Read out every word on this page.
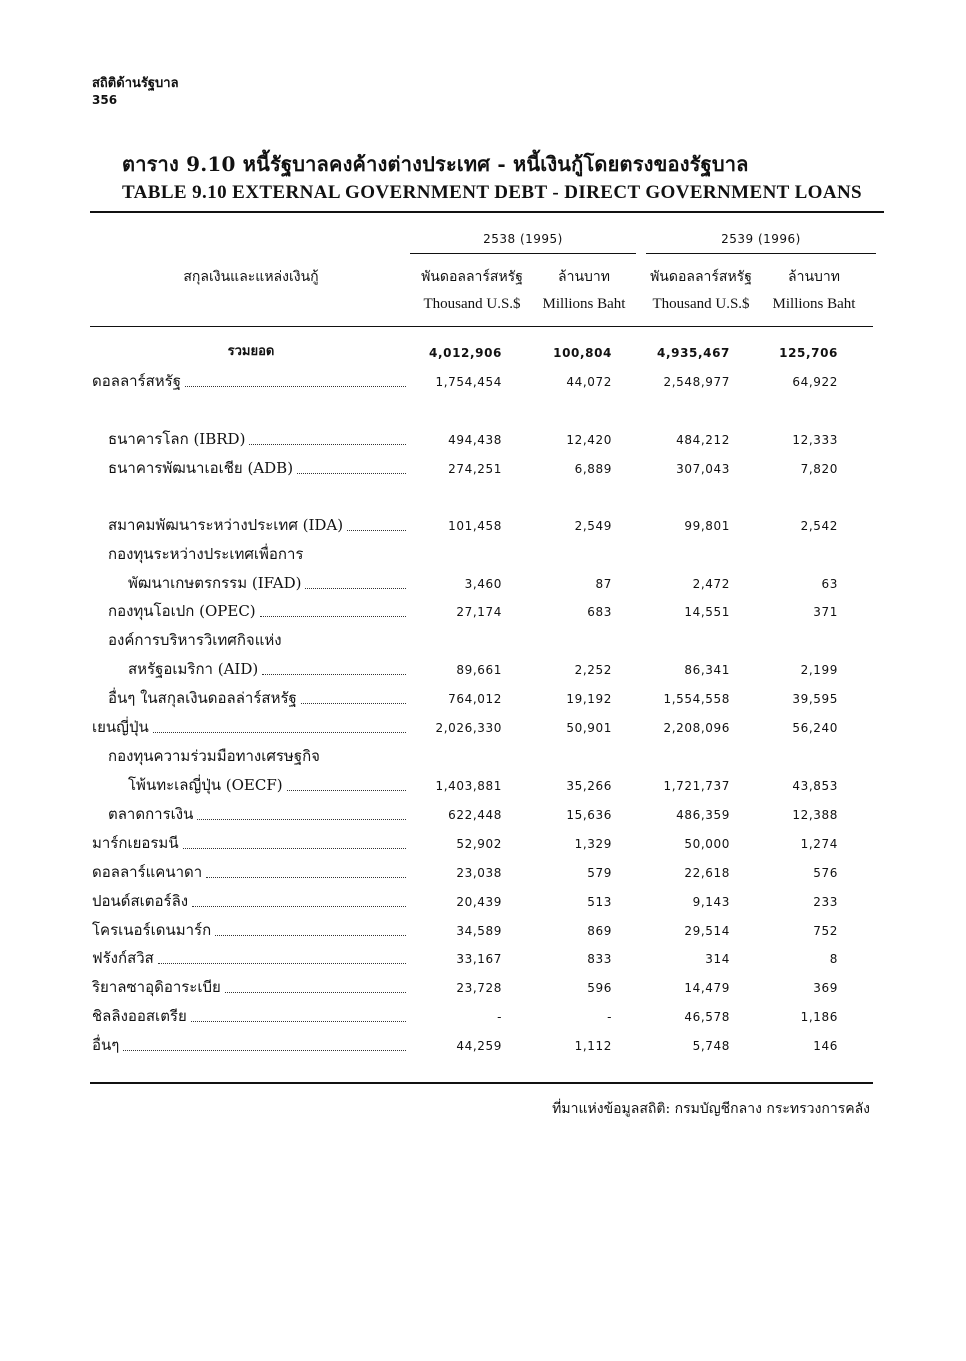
สถิติด้านรัฐบาล
356
ตาราง 9.10 หนี้รัฐบาลคงค้างต่างประเทศ - หนี้เงินกู้โดยตรงของรัฐบาล
TABLE 9.10 EXTERNAL GOVERNMENT DEBT - DIRECT GOVERNMENT LOANS
สกุลเงินและแหล่งเงินกู้
2538 (1995)	2539 (1996)
พันดอลลาร์สหรัฐ	ล้านบาท	พันดอลลาร์สหรัฐ	ล้านบาท
Thousand U.S.$	Millions Baht	Thousand U.S.$	Millions Baht
รวมยอด	4,012,906	100,804	4,935,467	125,706
ดอลลาร์สหรัฐ	1,754,454	44,072	2,548,977	64,922
ธนาคารโลก (IBRD)	494,438	12,420	484,212	12,333
ธนาคารพัฒนาเอเชีย (ADB)	274,251	6,889	307,043	7,820
สมาคมพัฒนาระหว่างประเทศ (IDA)	101,458	2,549	99,801	2,542
กองทุนระหว่างประเทศเพื่อการ
พัฒนาเกษตรกรรม (IFAD)	3,460	87	2,472	63
กองทุนโอเปก (OPEC)	27,174	683	14,551	371
องค์การบริหารวิเทศกิจแห่ง
สหรัฐอเมริกา (AID)	89,661	2,252	86,341	2,199
อื่นๆ ในสกุลเงินดอลล่าร์สหรัฐ	764,012	19,192	1,554,558	39,595
เยนญี่ปุ่น	2,026,330	50,901	2,208,096	56,240
กองทุนความร่วมมือทางเศรษฐกิจ
โพ้นทะเลญี่ปุ่น (OECF)	1,403,881	35,266	1,721,737	43,853
ตลาดการเงิน	622,448	15,636	486,359	12,388
มาร์กเยอรมนี	52,902	1,329	50,000	1,274
ดอลลาร์แคนาดา	23,038	579	22,618	576
ปอนด์สเตอร์ลิง	20,439	513	9,143	233
โครเนอร์เดนมาร์ก	34,589	869	29,514	752
ฟรังก์สวิส	33,167	833	314	8
ริยาลซาอุดิอาระเบีย	23,728	596	14,479	369
ชิลลิงออสเตรีย	-	-	46,578	1,186
อื่นๆ	44,259	1,112	5,748	146
ที่มาแห่งข้อมูลสถิติ: กรมบัญชีกลาง กระทรวงการคลัง
